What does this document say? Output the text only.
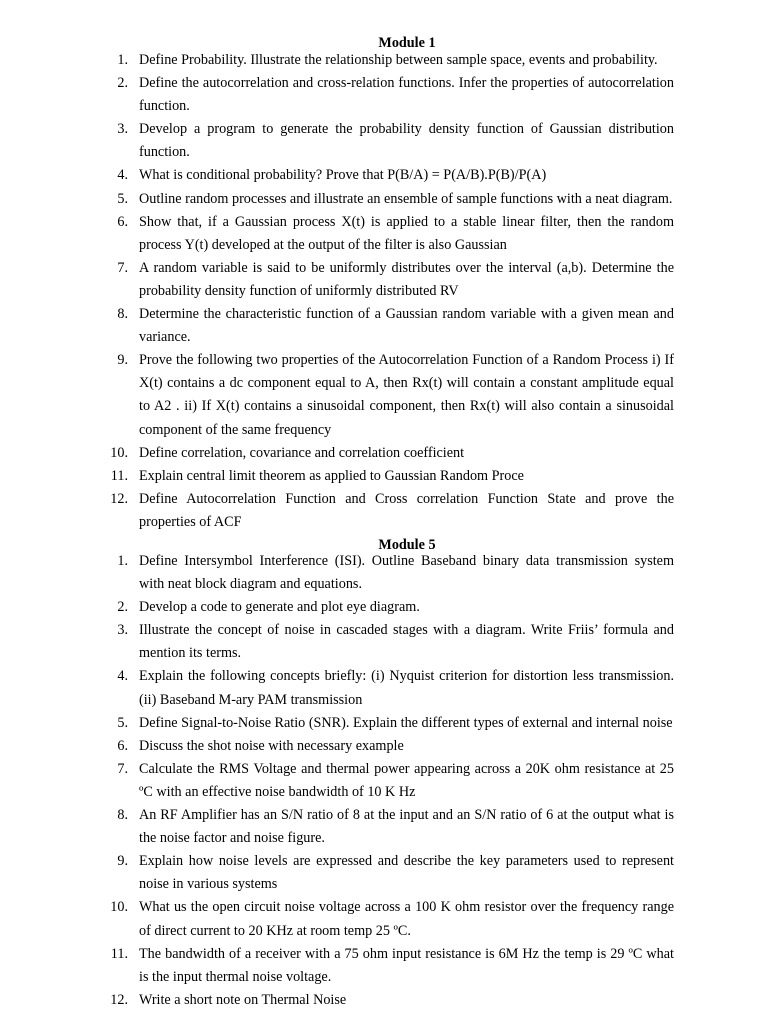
Module 1
1. Define Probability. Illustrate the relationship between sample space, events and probability.
2. Define the autocorrelation and cross-relation functions. Infer the properties of autocorrelation function.
3. Develop a program to generate the probability density function of Gaussian distribution function.
4. What is conditional probability? Prove that P(B/A) = P(A/B).P(B)/P(A)
5. Outline random processes and illustrate an ensemble of sample functions with a neat diagram.
6. Show that, if a Gaussian process X(t) is applied to a stable linear filter, then the random process Y(t) developed at the output of the filter is also Gaussian
7. A random variable is said to be uniformly distributes over the interval (a,b). Determine the probability density function of uniformly distributed RV
8. Determine the characteristic function of a Gaussian random variable with a given mean and variance.
9. Prove the following two properties of the Autocorrelation Function of a Random Process i) If X(t) contains a dc component equal to A, then Rx(t) will contain a constant amplitude equal to A2 . ii) If X(t) contains a sinusoidal component, then Rx(t) will also contain a sinusoidal component of the same frequency
10. Define correlation, covariance and correlation coefficient
11. Explain central limit theorem as applied to Gaussian Random Proce
12. Define Autocorrelation Function and Cross correlation Function State and prove the properties of ACF
Module 5
1. Define Intersymbol Interference (ISI). Outline Baseband binary data transmission system with neat block diagram and equations.
2. Develop a code to generate and plot eye diagram.
3. Illustrate the concept of noise in cascaded stages with a diagram. Write Friis’ formula and mention its terms.
4. Explain the following concepts briefly: (i) Nyquist criterion for distortion less transmission. (ii) Baseband M-ary PAM transmission
5. Define Signal-to-Noise Ratio (SNR). Explain the different types of external and internal noise
6. Discuss the shot noise with necessary example
7. Calculate the RMS Voltage and thermal power appearing across a 20K ohm resistance at 25 ºC with an effective noise bandwidth of 10 K Hz
8. An RF Amplifier has an S/N ratio of 8 at the input and an S/N ratio of 6 at the output what is the noise factor and noise figure.
9. Explain how noise levels are expressed and describe the key parameters used to represent noise in various systems
10. What us the open circuit noise voltage across a 100 K ohm resistor over the frequency range of direct current to 20 KHz at room temp 25 ºC.
11. The bandwidth of a receiver with a 75 ohm input resistance is 6M Hz the temp is 29 ºC what is the input thermal noise voltage.
12. Write a short note on Thermal Noise
